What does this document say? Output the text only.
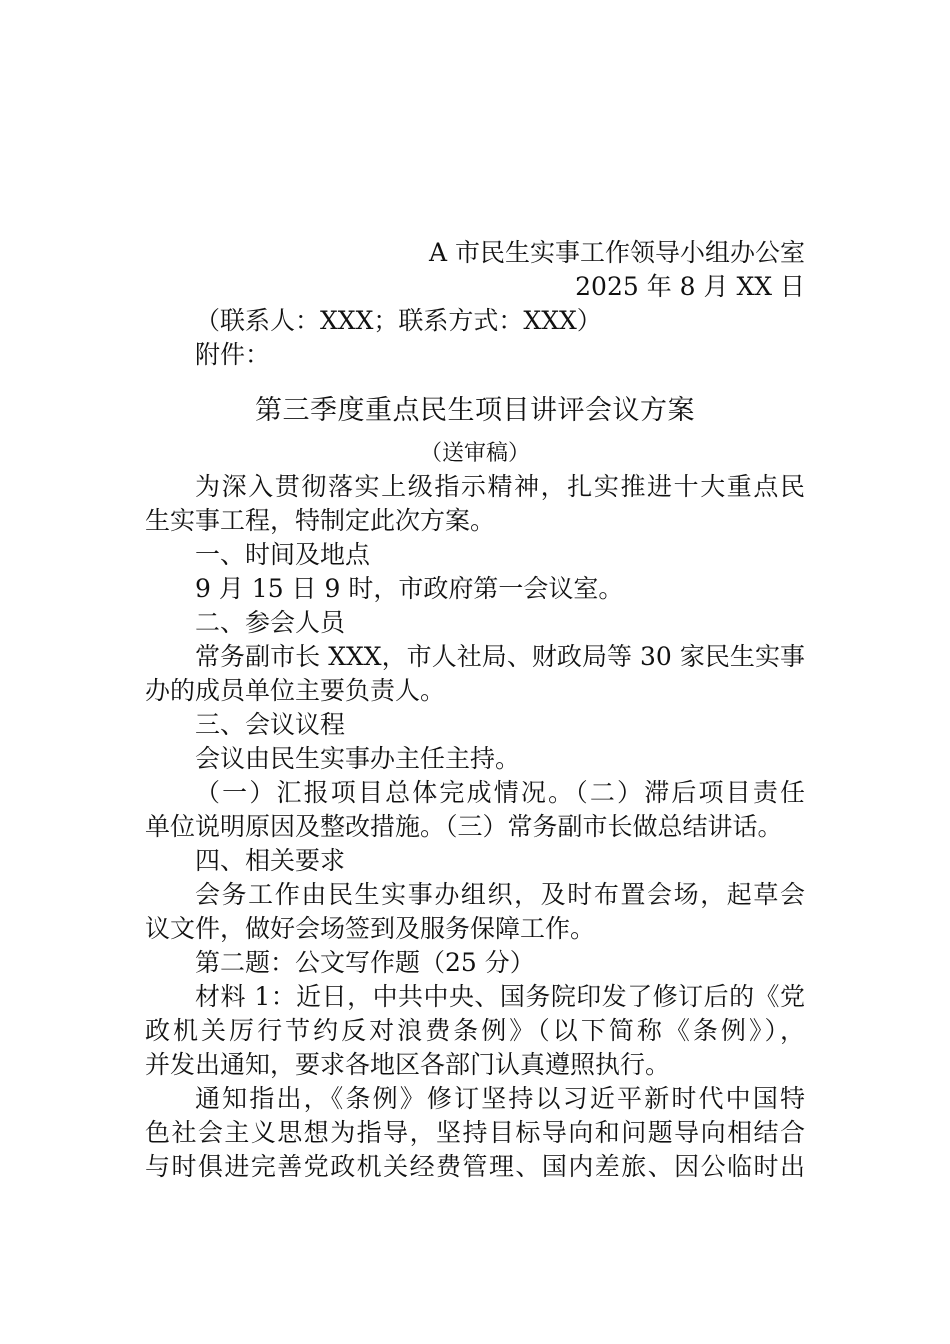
A 市民生实事工作领导小组办公室
2025 年 8 月 XX 日
（联系人：XXX；联系方式：XXX）
附件：
第三季度重点民生项目讲评会议方案
（送审稿）

为深入贯彻落实上级指示精神，扎实推进十大重点民

生实事工程，特制定此次方案。

一、时间及地点
9 月 15 日 9 时，市政府第一会议室。
二、参会人员

常务副市长 XXX，市人社局、财政局等 30 家民生实事

办的成员单位主要负责人。

三、会议议程
会议由民生实事办主任主持。

（一）汇报项目总体完成情况。（二）滞后项目责任

单位说明原因及整改措施。（三）常务副市长做总结讲话。

四、相关要求

会务工作由民生实事办组织，及时布置会场，起草会

议文件，做好会场签到及服务保障工作。

第二题：公文写作题（25 分）

材料 1：近日，中共中央、国务院印发了修订后的《党

政机关厉行节约反对浪费条例》（以下简称《条例》），

并发出通知，要求各地区各部门认真遵照执行。

通知指出，《条例》修订坚持以习近平新时代中国特

色社会主义思想为指导，坚持目标导向和问题导向相结合

与时俱进完善党政机关经费管理、国内差旅、因公临时出
